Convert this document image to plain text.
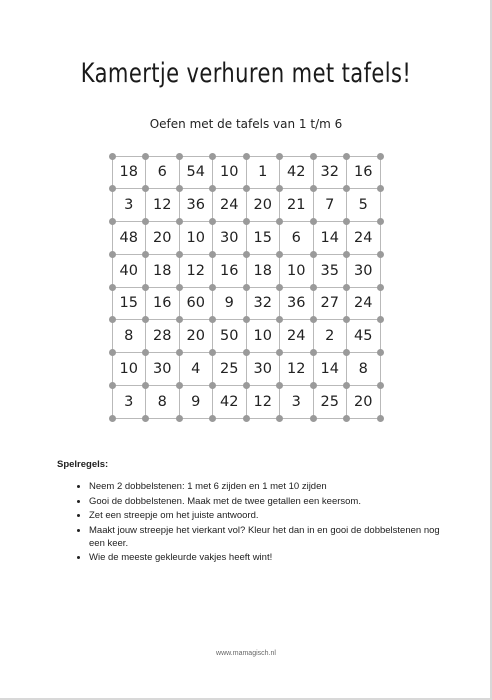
Kamertje verhuren met tafels!
Oefen met de tafels van 1 t/m 6
18	6	54	10	1	42	32	16
3	12	36	24	20	21	7	5
48	20	10	30	15	6	14	24
40	18	12	16	18	10	35	30
15	16	60	9	32	36	27	24
8	28	20	50	10	24	2	45
10	30	4	25	30	12	14	8
3	8	9	42	12	3	25	20
Spelregels:
• Neem 2 dobbelstenen: 1 met 6 zijden en 1 met 10 zijden
• Gooi de dobbelstenen. Maak met de twee getallen een keersom.
• Zet een streepje om het juiste antwoord.
• Maakt jouw streepje het vierkant vol? Kleur het dan in en gooi de dobbelstenen nog een keer.
• Wie de meeste gekleurde vakjes heeft wint!
www.mamagisch.nl
